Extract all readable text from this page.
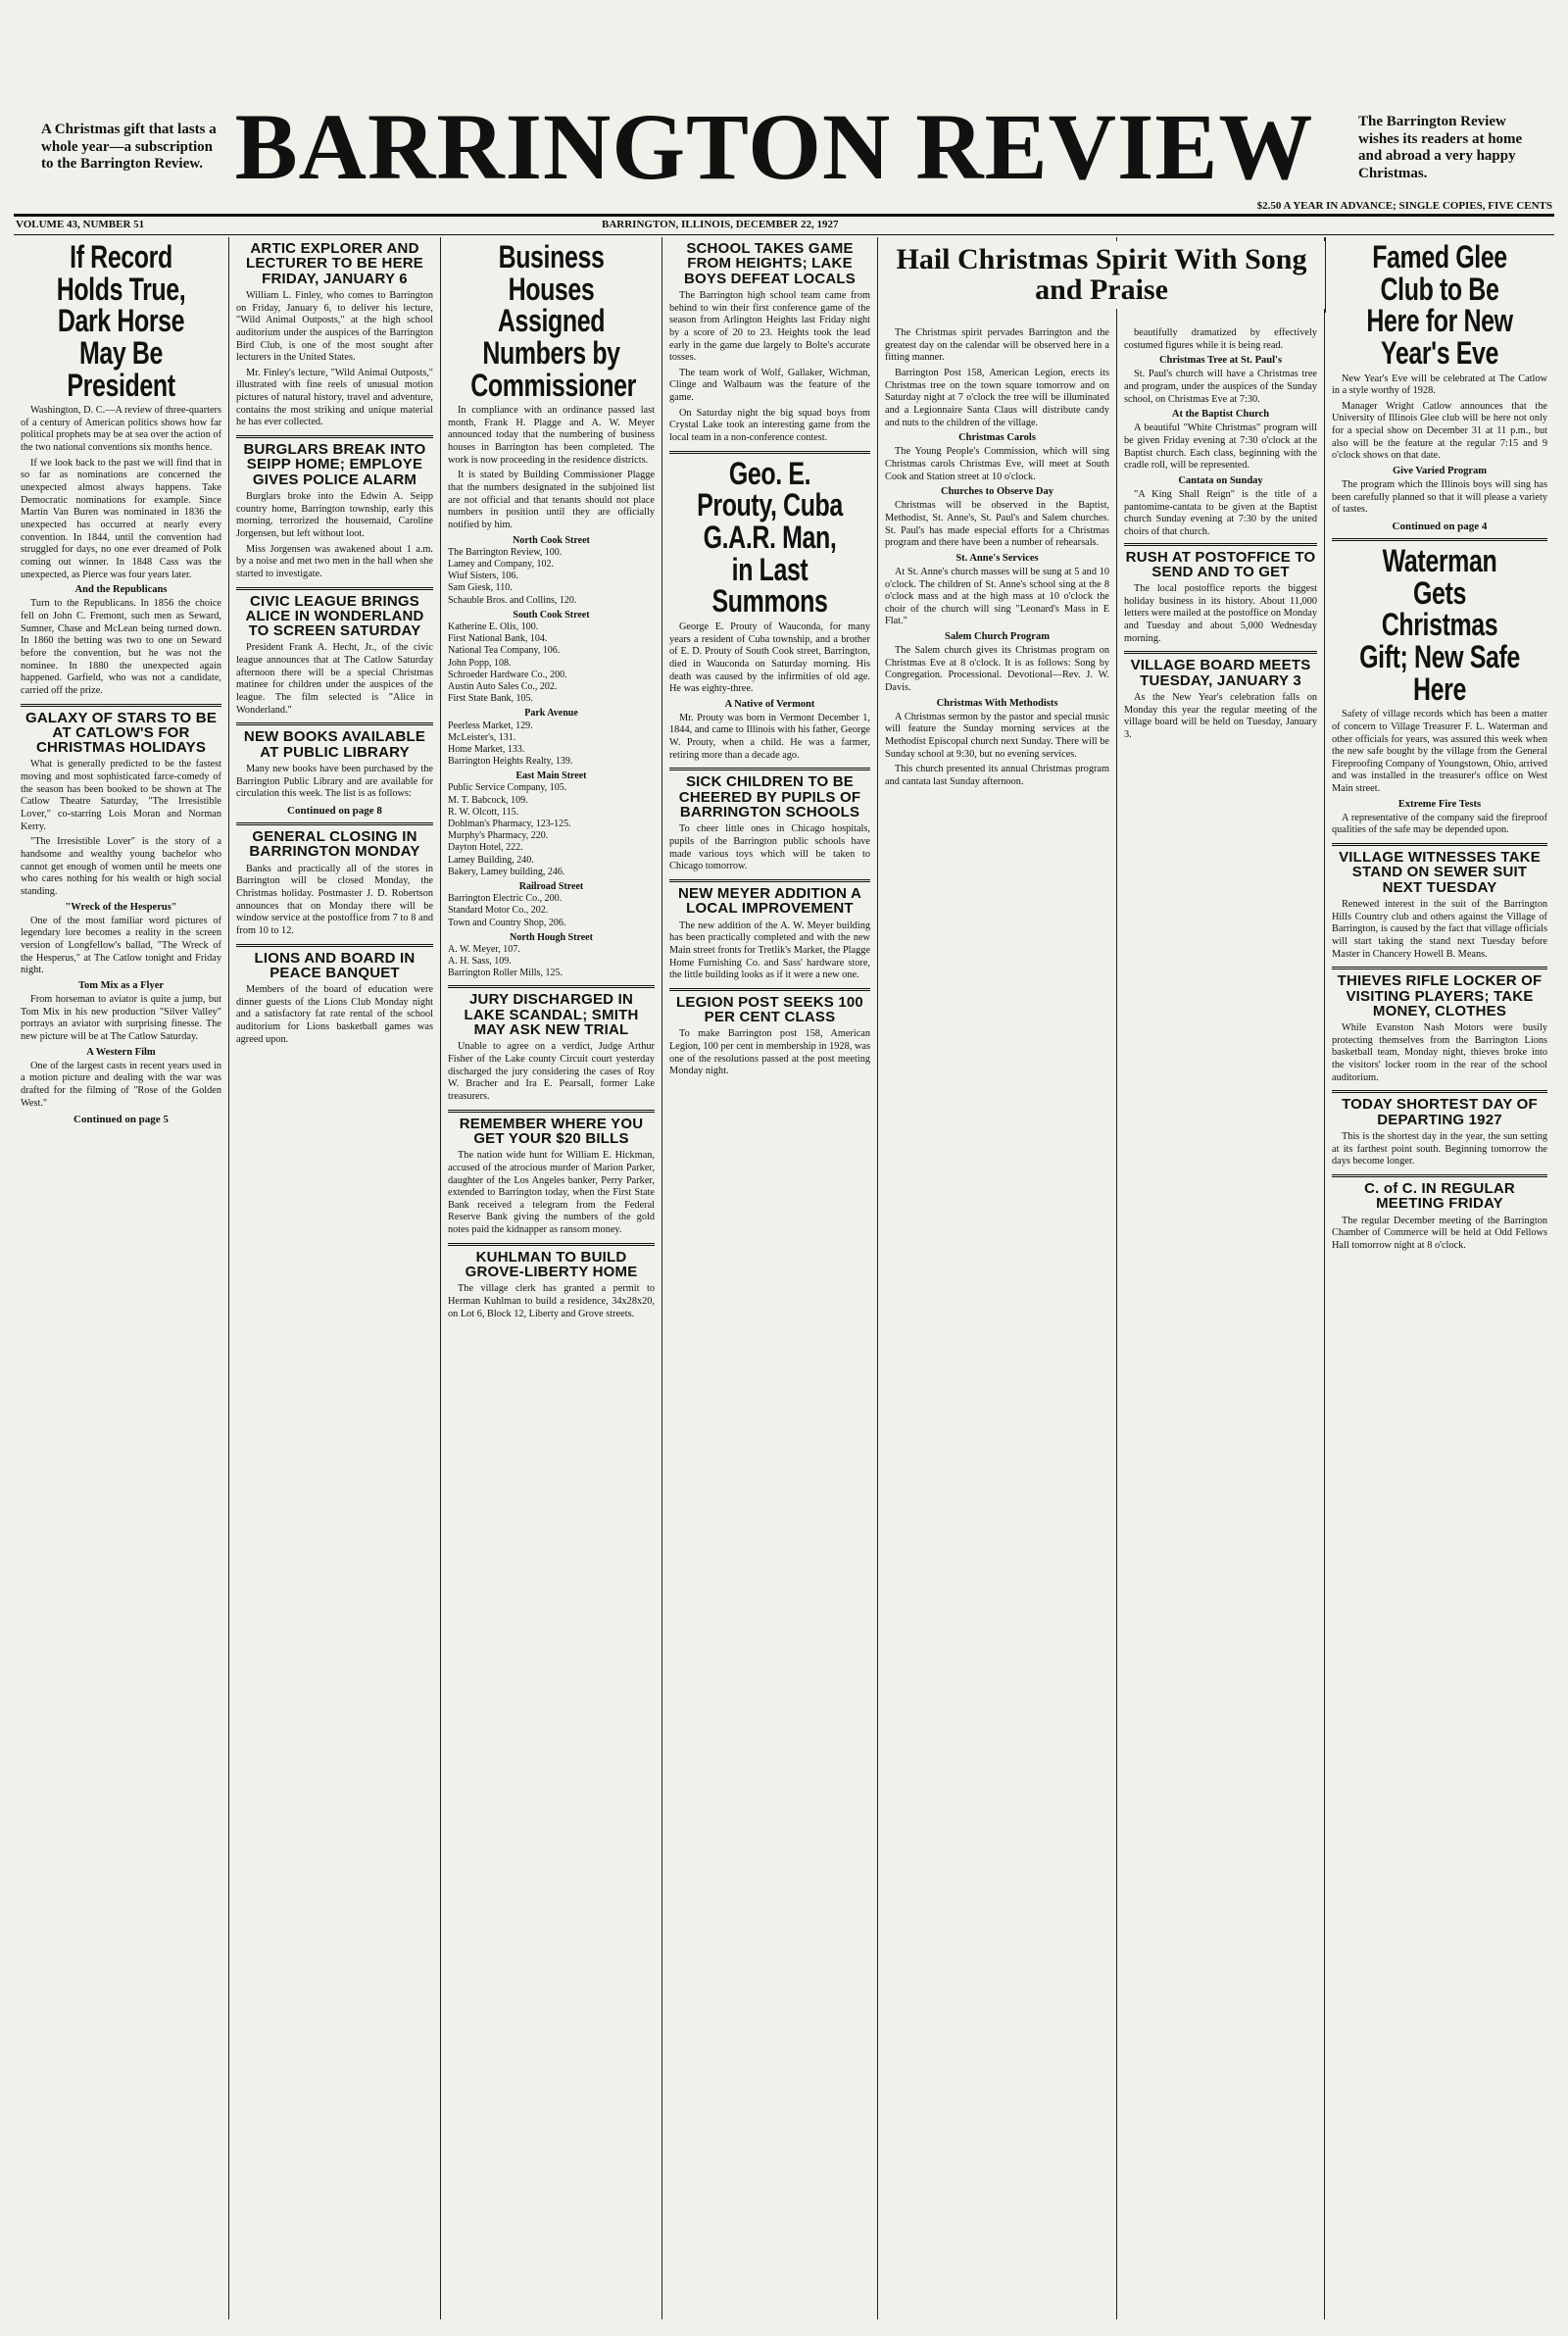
A Christmas gift that lasts a whole year—a subscription to the Barrington Review. BARRINGTON REVIEW	The Barrington Review wishes its readers at home and abroad a very happy Christmas.
$2.50 A YEAR IN ADVANCE; SINGLE COPIES, FIVE CENTS
VOLUME 43, NUMBER 51	BARRINGTON, ILLINOIS, DECEMBER 22, 1927
If Record Holds True, Dark Horse May Be President

Washington, D. C.—A review of three-quarters of a century of American politics shows how far political prophets may be at sea over the action of the two national conventions six months hence.

If we look back to the past we will find that in so far as nominations are concerned the unexpected almost always happens. Take Democratic nominations for example. Since Martin Van Buren was nominated in 1836 the unexpected has occurred at nearly every convention. In 1844, until the convention had struggled for days, no one ever dreamed of Polk coming out winner. In 1848 Cass was the unexpected, as Pierce was four years later.

And the Republicans

Turn to the Republicans. In 1856 the choice fell on John C. Fremont, such men as Seward, Sumner, Chase and McLean being turned down. In 1860 the betting was two to one on Seward before the convention, but he was not the nominee. In 1880 the unexpected again happened. Garfield, who was not a candidate, carried off the prize.

GALAXY OF STARS TO BE AT CATLOW'S FOR CHRISTMAS HOLIDAYS

What is generally predicted to be the fastest moving and most sophisticated farce-comedy of the season has been booked to be shown at The Catlow Theatre Saturday, "The Irresistible Lover," co-starring Lois Moran and Norman Kerry.

"The Irresistible Lover" is the story of a handsome and wealthy young bachelor who cannot get enough of women until he meets one who cares nothing for his wealth or high social standing.

"Wreck of the Hesperus"

One of the most familiar word pictures of legendary lore becomes a reality in the screen version of Longfellow's ballad, "The Wreck of the Hesperus," at The Catlow tonight and Friday night.

Tom Mix as a Flyer

From horseman to aviator is quite a jump, but Tom Mix in his new production "Silver Valley" portrays an aviator with surprising finesse. The new picture will be at The Catlow Saturday.

A Western Film

One of the largest casts in recent years used in a motion picture and dealing with the war was drafted for the filming of "Rose of the Golden West."

Continued on page 5
ARTIC EXPLORER AND LECTURER TO BE HERE FRIDAY, JANUARY 6

William L. Finley, who comes to Barrington on Friday, January 6, to deliver his lecture, "Wild Animal Outposts," at the high school auditorium under the auspices of the Barrington Bird Club, is one of the most sought after lecturers in the United States.

Mr. Finley's lecture, "Wild Animal Outposts," illustrated with fine reels of unusual motion pictures of natural history, travel and adventure, contains the most striking and unique material he has ever collected.

BURGLARS BREAK INTO SEIPP HOME; EMPLOYE GIVES POLICE ALARM

Burglars broke into the Edwin A. Seipp country home, Barrington township, early this morning, terrorized the housemaid, Caroline Jorgensen, but left without loot.

Miss Jorgensen was awakened about 1 a.m. by a noise and met two men in the hall when she started to investigate.

CIVIC LEAGUE BRINGS ALICE IN WONDERLAND TO SCREEN SATURDAY

President Frank A. Hecht, Jr., of the civic league announces that at The Catlow Saturday afternoon there will be a special Christmas matinee for children under the auspices of the league. The film selected is "Alice in Wonderland."

NEW BOOKS AVAILABLE AT PUBLIC LIBRARY

Many new books have been purchased by the Barrington Public Library and are available for circulation this week. The list is as follows:

Continued on page 8
GENERAL CLOSING IN BARRINGTON MONDAY

Banks and practically all of the stores in Barrington will be closed Monday, the Christmas holiday. Postmaster J. D. Robertson announces that on Monday there will be window service at the postoffice from 7 to 8 and from 10 to 12.

LIONS AND BOARD IN PEACE BANQUET

Members of the board of education were dinner guests of the Lions Club Monday night and a satisfactory fat rate rental of the school auditorium for Lions basketball games was agreed upon.

Business Houses Assigned Numbers by Commissioner

In compliance with an ordinance passed last month, Frank H. Plagge and A. W. Meyer announced today that the numbering of business houses in Barrington has been completed. The work is now proceeding in the residence districts.

It is stated by Building Commissioner Plagge that the numbers designated in the subjoined list are not official and that tenants should not place numbers in position until they are officially notified by him.

North Cook Street

The Barrington Review, 100.

Lamey and Company, 102.

Wiuf Sisters, 106.

Sam Giesk, 110.

Schauble Bros. and Collins, 120.

South Cook Street

Katherine E. Olis, 100.

First National Bank, 104.

National Tea Company, 106.

John Popp, 108.

Schroeder Hardware Co., 200.

Austin Auto Sales Co., 202.

First State Bank, 105.

Park Avenue

Peerless Market, 129.

McLeister's, 131.

Home Market, 133.

Barrington Heights Realty, 139.

East Main Street

Public Service Company, 105.

M. T. Babcock, 109.

R. W. Olcott, 115.

Dohlman's Pharmacy, 123-125.

Murphy's Pharmacy, 220.

Dayton Hotel, 222.

Lamey Building, 240.

Bakery, Lamey building, 246.

Railroad Street

Barrington Electric Co., 200.

Standard Motor Co., 202.

Town and Country Shop, 206.

North Hough Street

A. W. Meyer, 107.

A. H. Sass, 109.

Barrington Roller Mills, 125.

JURY DISCHARGED IN LAKE SCANDAL; SMITH MAY ASK NEW TRIAL

Unable to agree on a verdict, Judge Arthur Fisher of the Lake county Circuit court yesterday discharged the jury considering the cases of Roy W. Bracher and Ira E. Pearsall, former Lake treasurers.

REMEMBER WHERE YOU GET YOUR $20 BILLS

The nation wide hunt for William E. Hickman, accused of the atrocious murder of Marion Parker, daughter of the Los Angeles banker, Perry Parker, extended to Barrington today, when the First State Bank received a telegram from the Federal Reserve Bank giving the numbers of the gold notes paid the kidnapper as ransom money.

KUHLMAN TO BUILD GROVE-LIBERTY HOME

The village clerk has granted a permit to Herman Kuhlman to build a residence, 34x28x20, on Lot 6, Block 12, Liberty and Grove streets.

SCHOOL TAKES GAME FROM HEIGHTS; LAKE BOYS DEFEAT LOCALS

The Barrington high school team came from behind to win their first conference game of the season from Arlington Heights last Friday night by a score of 20 to 23. Heights took the lead early in the game due largely to Bolte's accurate tosses.

The team work of Wolf, Gallaker, Wichman, Clinge and Walbaum was the feature of the game.

On Saturday night the big squad boys from Crystal Lake took an interesting game from the local team in a non-conference contest.

Geo. E. Prouty, Cuba G.A.R. Man, in Last Summons

George E. Prouty of Wauconda, for many years a resident of Cuba township, and a brother of E. D. Prouty of South Cook street, Barrington, died in Wauconda on Saturday morning. His death was caused by the infirmities of old age. He was eighty-three.

A Native of Vermont

Mr. Prouty was born in Vermont December 1, 1844, and came to Illinois with his father, George W. Prouty, when a child. He was a farmer, retiring more than a decade ago.

SICK CHILDREN TO BE CHEERED BY PUPILS OF BARRINGTON SCHOOLS

To cheer little ones in Chicago hospitals, pupils of the Barrington public schools have made various toys which will be taken to Chicago tomorrow.

NEW MEYER ADDITION A LOCAL IMPROVEMENT

The new addition of the A. W. Meyer building has been practically completed and with the new Main street fronts for Tretlik's Market, the Plagge Home Furnishing Co. and Sass' hardware store, the little building looks as if it were a new one.

LEGION POST SEEKS 100 PER CENT CLASS

To make Barrington post 158, American Legion, 100 per cent in membership in 1928, was one of the resolutions passed at the post meeting Monday night.

The Christmas spirit pervades Barrington and the greatest day on the calendar will be observed here in a fitting manner.

Barrington Post 158, American Legion, erects its Christmas tree on the town square tomorrow and on Saturday night at 7 o'clock the tree will be illuminated and a Legionnaire Santa Claus will distribute candy and nuts to the children of the village.

Christmas Carols

The Young People's Commission, which will sing Christmas carols Christmas Eve, will meet at South Cook and Station street at 10 o'clock.

Churches to Observe Day

Christmas will be observed in the Baptist, Methodist, St. Anne's, St. Paul's and Salem churches. St. Paul's has made especial efforts for a Christmas program and there have been a number of rehearsals.

St. Anne's Services

At St. Anne's church masses will be sung at 5 and 10 o'clock. The children of St. Anne's school sing at the 8 o'clock mass and at the high mass at 10 o'clock the choir of the church will sing "Leonard's Mass in E Flat."

Salem Church Program

The Salem church gives its Christmas program on Christmas Eve at 8 o'clock. It is as follows: Song by Congregation. Processional. Devotional—Rev. J. W. Davis.

Christmas With Methodists

A Christmas sermon by the pastor and special music will feature the Sunday morning services at the Methodist Episcopal church next Sunday. There will be Sunday school at 9:30, but no evening services.

This church presented its annual Christmas program and cantata last Sunday afternoon.

beautifully dramatized by effectively costumed figures while it is being read.

Christmas Tree at St. Paul's

St. Paul's church will have a Christmas tree and program, under the auspices of the Sunday school, on Christmas Eve at 7:30.

At the Baptist Church

A beautiful "White Christmas" program will be given Friday evening at 7:30 o'clock at the Baptist church. Each class, beginning with the cradle roll, will be represented.

Cantata on Sunday

"A King Shall Reign" is the title of a pantomime-cantata to be given at the Baptist church Sunday evening at 7:30 by the united choirs of that church.

RUSH AT POSTOFFICE TO SEND AND TO GET

The local postoffice reports the biggest holiday business in its history. About 11,000 letters were mailed at the postoffice on Monday and Tuesday and about 5,000 Wednesday morning.

VILLAGE BOARD MEETS TUESDAY, JANUARY 3

As the New Year's celebration falls on Monday this year the regular meeting of the village board will be held on Tuesday, January 3.

Famed Glee Club to Be Here for New Year's Eve

New Year's Eve will be celebrated at The Catlow in a style worthy of 1928.

Manager Wright Catlow announces that the University of Illinois Glee club will be here not only for a special show on December 31 at 11 p.m., but also will be the feature at the regular 7:15 and 9 o'clock shows on that date.

Give Varied Program

The program which the Illinois boys will sing has been carefully planned so that it will please a variety of tastes.

Continued on page 4
Waterman Gets Christmas Gift; New Safe Here

Safety of village records which has been a matter of concern to Village Treasurer F. L. Waterman and other officials for years, was assured this week when the new safe bought by the village from the General Fireproofing Company of Youngstown, Ohio, arrived and was installed in the treasurer's office on West Main street.

Extreme Fire Tests

A representative of the company said the fireproof qualities of the safe may be depended upon.

VILLAGE WITNESSES TAKE STAND ON SEWER SUIT NEXT TUESDAY

Renewed interest in the suit of the Barrington Hills Country club and others against the Village of Barrington, is caused by the fact that village officials will start taking the stand next Tuesday before Master in Chancery Howell B. Means.

THIEVES RIFLE LOCKER OF VISITING PLAYERS; TAKE MONEY, CLOTHES

While Evanston Nash Motors were busily protecting themselves from the Barrington Lions basketball team, Monday night, thieves broke into the visitors' locker room in the rear of the school auditorium.

TODAY SHORTEST DAY OF DEPARTING 1927

This is the shortest day in the year, the sun setting at its farthest point south. Beginning tomorrow the days become longer.

C. of C. IN REGULAR MEETING FRIDAY

The regular December meeting of the Barrington Chamber of Commerce will be held at Odd Fellows Hall tomorrow night at 8 o'clock.

Hail Christmas Spirit With Song and Praise
